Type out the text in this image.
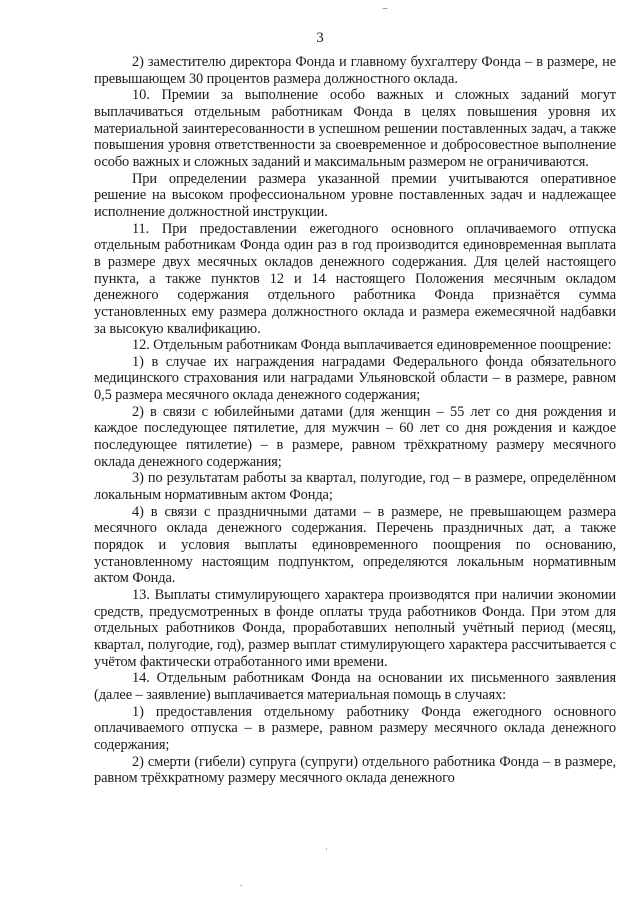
3

2) заместителю директора Фонда и главному бухгалтеру Фонда – в размере, не превышающем 30 процентов размера должностного оклада.

10. Премии за выполнение особо важных и сложных заданий могут выплачиваться отдельным работникам Фонда в целях повышения уровня их материальной заинтересованности в успешном решении поставленных задач, а также повышения уровня ответственности за своевременное и добросовестное выполнение особо важных и сложных заданий и максимальным размером не ограничиваются.

При определении размера указанной премии учитываются оперативное решение на высоком профессиональном уровне поставленных задач и надлежащее исполнение должностной инструкции.

11. При предоставлении ежегодного основного оплачиваемого отпуска отдельным работникам Фонда один раз в год производится единовременная выплата в размере двух месячных окладов денежного содержания. Для целей настоящего пункта, а также пунктов 12 и 14 настоящего Положения месячным окладом денежного содержания отдельного работника Фонда признаётся сумма установленных ему размера должностного оклада и размера ежемесячной надбавки за высокую квалификацию.

12. Отдельным работникам Фонда выплачивается единовременное поощрение:

1) в случае их награждения наградами Федерального фонда обязательного медицинского страхования или наградами Ульяновской области – в размере, равном 0,5 размера месячного оклада денежного содержания;

2) в связи с юбилейными датами (для женщин – 55 лет со дня рождения и каждое последующее пятилетие, для мужчин – 60 лет со дня рождения и каждое последующее пятилетие) – в размере, равном трёхкратному размеру месячного оклада денежного содержания;

3) по результатам работы за квартал, полугодие, год – в размере, определённом локальным нормативным актом Фонда;

4) в связи с праздничными датами – в размере, не превышающем размера месячного оклада денежного содержания. Перечень праздничных дат, а также порядок и условия выплаты единовременного поощрения по основанию, установленному настоящим подпунктом, определяются локальным нормативным актом Фонда.

13. Выплаты стимулирующего характера производятся при наличии экономии средств, предусмотренных в фонде оплаты труда работников Фонда. При этом для отдельных работников Фонда, проработавших неполный учётный период (месяц, квартал, полугодие, год), размер выплат стимулирующего характера рассчитывается с учётом фактически отработанного ими времени.

14. Отдельным работникам Фонда на основании их письменного заявления (далее – заявление) выплачивается материальная помощь в случаях:

1) предоставления отдельному работнику Фонда ежегодного основного оплачиваемого отпуска – в размере, равном размеру месячного оклада денежного содержания;

2) смерти (гибели) супруга (супруги) отдельного работника Фонда – в размере, равном трёхкратному размеру месячного оклада денежного
